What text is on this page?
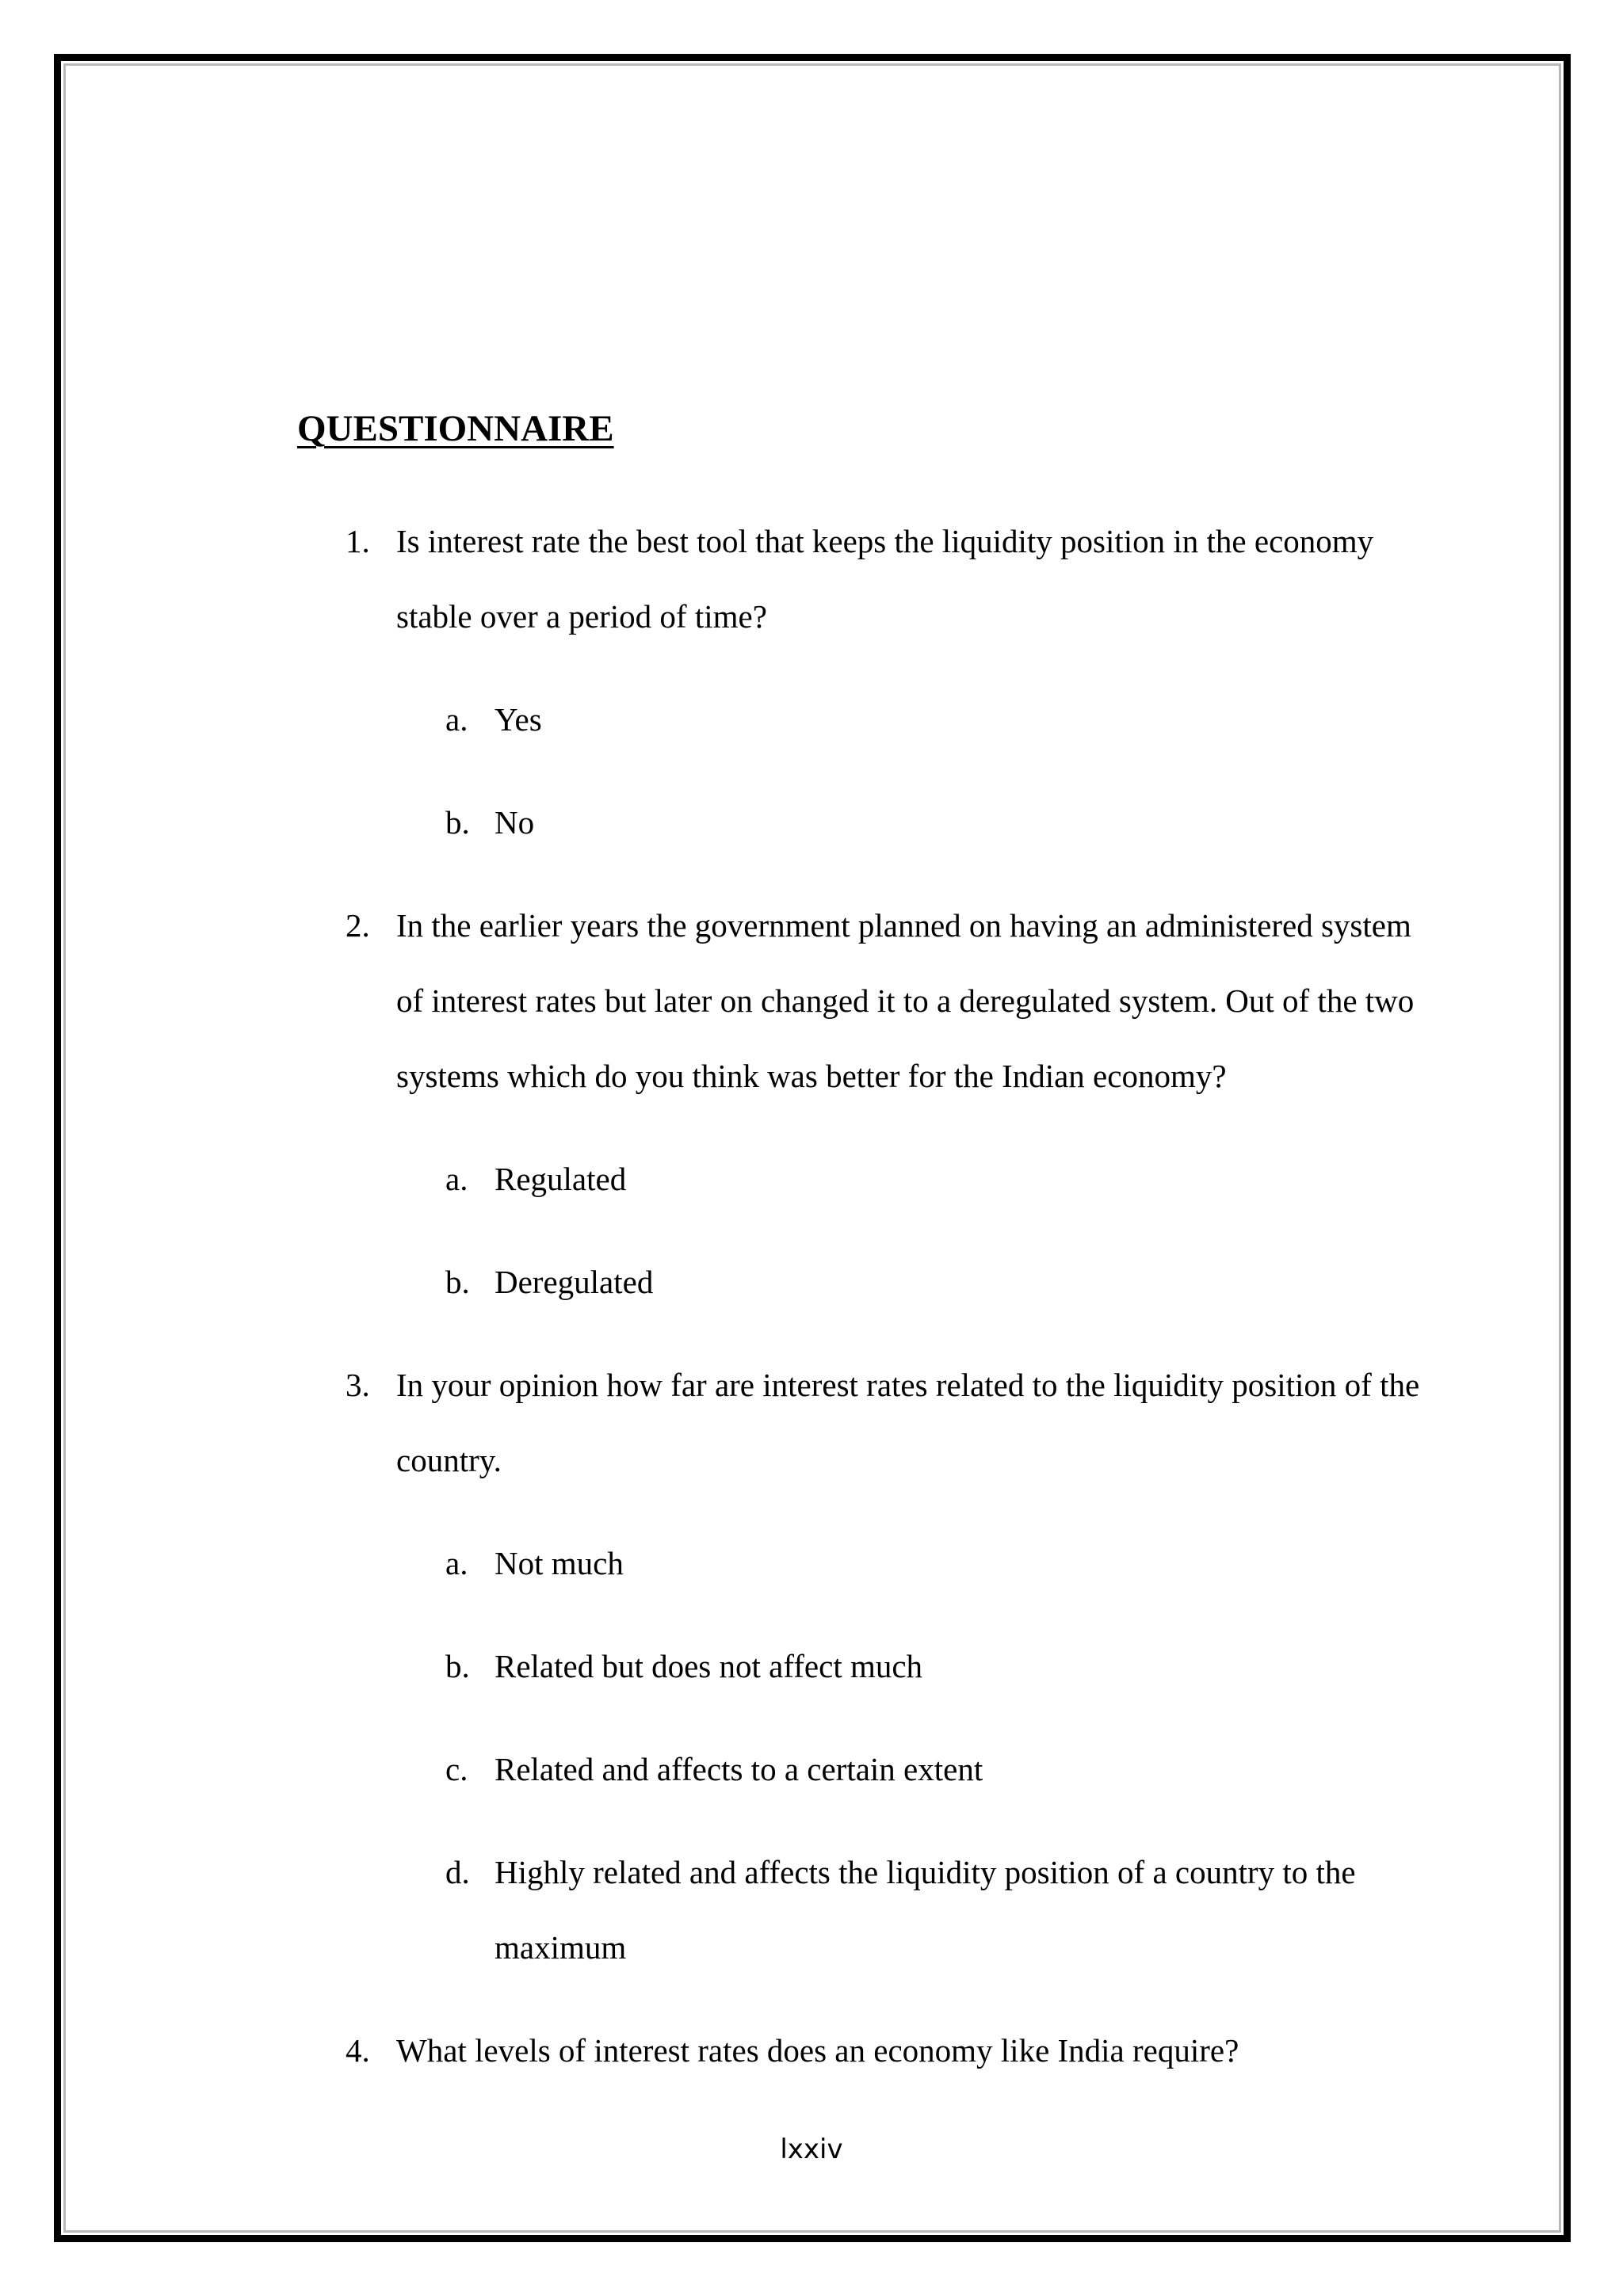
QUESTIONNAIRE

1. Is interest rate the best tool that keeps the liquidity position in the economy

stable over a period of time?

a. Yes

b. No

2. In the earlier years the government planned on having an administered system

of interest rates but later on changed it to a deregulated system. Out of the two

systems which do you think was better for the Indian economy?

a. Regulated

b. Deregulated

3. In your opinion how far are interest rates related to the liquidity position of the

country.

a. Not much

b. Related but does not affect much

c. Related and affects to a certain extent

d. Highly related and affects the liquidity position of a country to the

maximum

4. What levels of interest rates does an economy like India require?

lxxiv
